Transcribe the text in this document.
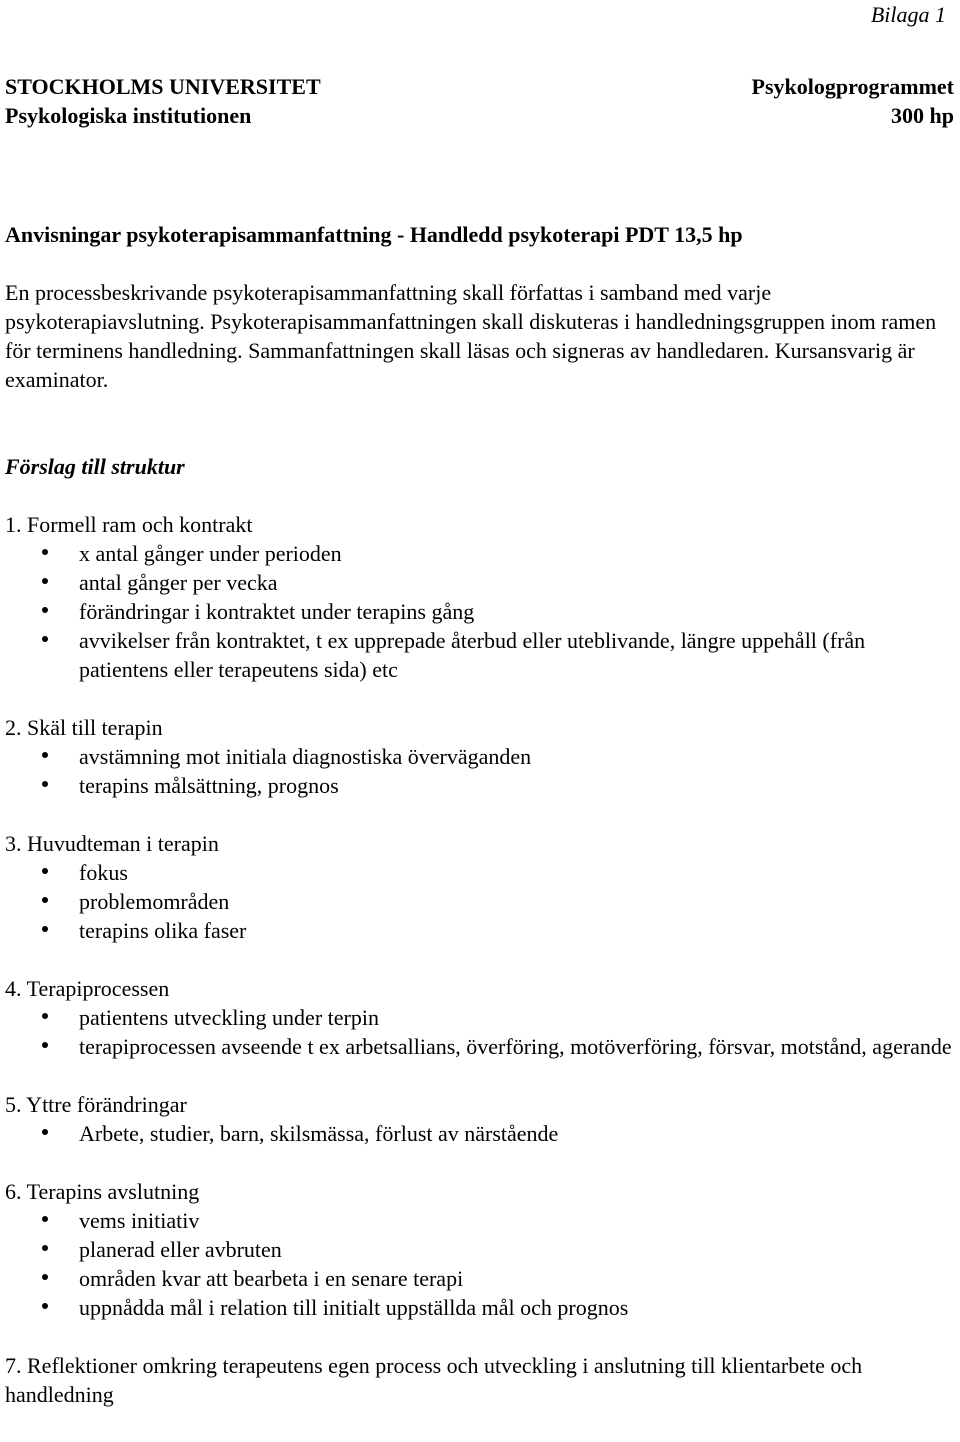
Bilaga 1
STOCKHOLMS UNIVERSITET	Psykologprogrammet
Psykologiska institutionen	300 hp
Anvisningar psykoterapisammanfattning - Handledd psykoterapi PDT 13,5 hp
En processbeskrivande psykoterapisammanfattning skall författas i samband med varje psykoterapiavslutning. Psykoterapisammanfattningen skall diskuteras i handledningsgruppen inom ramen för terminens handledning. Sammanfattningen skall läsas och signeras av handledaren. Kursansvarig är examinator.
Förslag till struktur
1. Formell ram och kontrakt
x antal gånger under perioden
antal gånger per vecka
förändringar i kontraktet under terapins gång
avvikelser från kontraktet, t ex upprepade återbud eller uteblivande, längre uppehåll (från patientens eller terapeutens sida) etc
2. Skäl till terapin
avstämning mot initiala diagnostiska överväganden
terapins målsättning, prognos
3. Huvudteman i terapin
fokus
problemområden
terapins olika faser
4. Terapiprocessen
patientens utveckling under terpin
terapiprocessen avseende t ex arbetsallians, överföring, motöverföring, försvar, motstånd, agerande
5. Yttre förändringar
Arbete, studier, barn, skilsmässa, förlust av närstående
6. Terapins avslutning
vems initiativ
planerad eller avbruten
områden kvar att bearbeta i en senare terapi
uppnådda mål i relation till initialt uppställda mål och prognos
7. Reflektioner omkring terapeutens egen process och utveckling i anslutning till klientarbete och handledning
